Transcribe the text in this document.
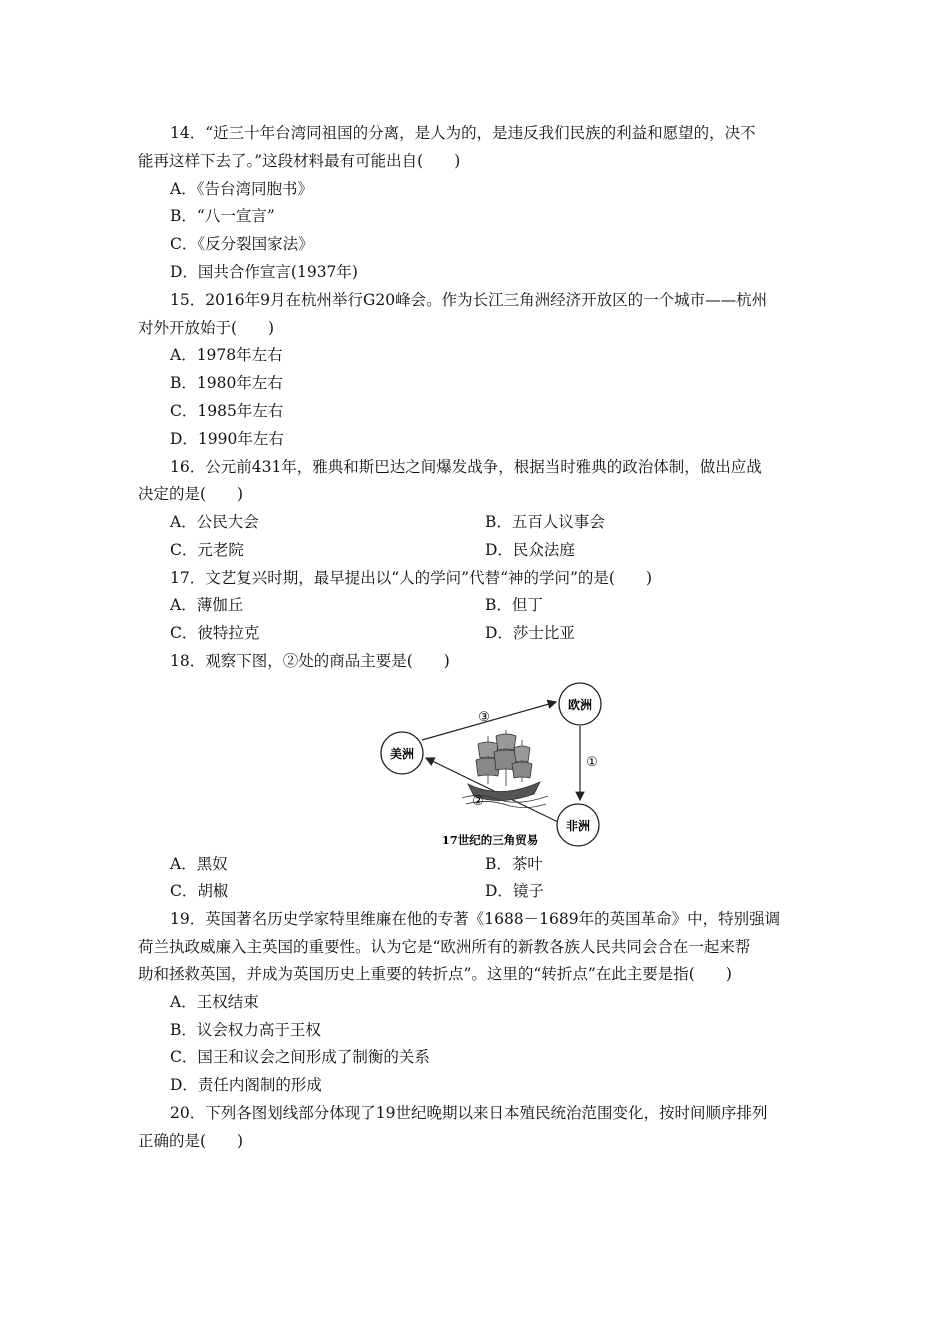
14．“近三十年台湾同祖国的分离，是人为的，是违反我们民族的利益和愿望的，决不
能再这样下去了。”这段材料最有可能出自(　　)
A．《告台湾同胞书》
B．“八一宣言”
C．《反分裂国家法》
D．国共合作宣言(1937年)
15．2016年9月在杭州举行G20峰会。作为长江三角洲经济开放区的一个城市——杭州
对外开放始于(　　)
A．1978年左右
B．1980年左右
C．1985年左右
D．1990年左右
16．公元前431年，雅典和斯巴达之间爆发战争，根据当时雅典的政治体制，做出应战
决定的是(　　)
A．公民大会	B．五百人议事会
C．元老院	D．民众法庭
17．文艺复兴时期，最早提出以“人的学问”代替“神的学问”的是(　　)
A．薄伽丘	B．但丁
C．彼特拉克	D．莎士比亚
18．观察下图，②处的商品主要是(　　)
欧洲
美洲
非洲
③
①
②
17世纪的三角贸易
A．黑奴	B．茶叶
C．胡椒	D．镜子
19．英国著名历史学家特里维廉在他的专著《1688－1689年的英国革命》中，特别强调
荷兰执政威廉入主英国的重要性。认为它是“欧洲所有的新教各族人民共同会合在一起来帮
助和拯救英国，并成为英国历史上重要的转折点”。这里的“转折点”在此主要是指(　　)
A．王权结束
B．议会权力高于王权
C．国王和议会之间形成了制衡的关系
D．责任内阁制的形成
20．下列各图划线部分体现了19世纪晚期以来日本殖民统治范围变化，按时间顺序排列
正确的是(　　)
